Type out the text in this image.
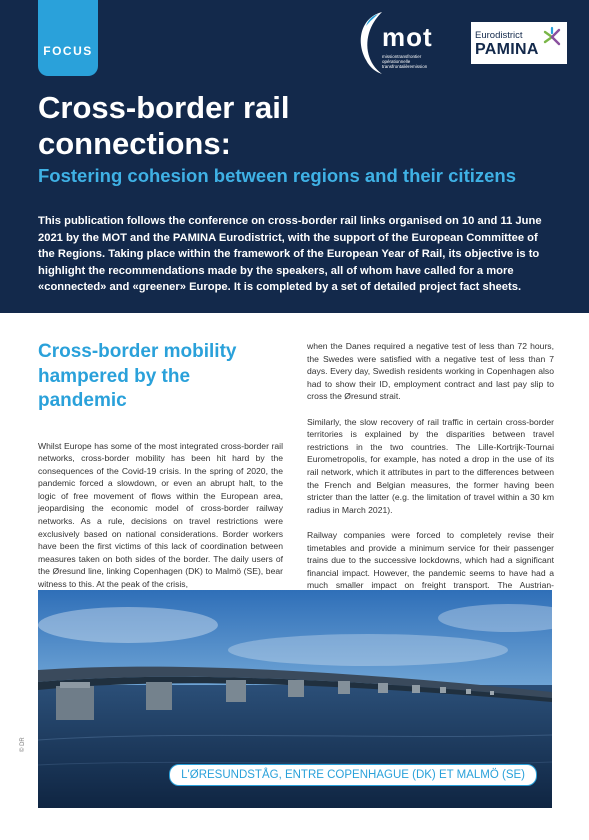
FOCUS	mot
missiontransfrontier
opérationnelle
transfrontalièremission
Eurodistrict
PAMINA
Cross-border rail connections:
Fostering cohesion between regions and their citizens

This publication follows the conference on cross-border rail links organised on 10 and 11 June 2021 by the MOT and the PAMINA Eurodistrict, with the support of the European Committee of the Regions. Taking place within the framework of the European Year of Rail, its objective is to highlight the recommendations made by the speakers, all of whom have called for a more «connected» and «greener» Europe. It is completed by a set of detailed project fact sheets.

Cross-border mobility hampered by the pandemic

Whilst Europe has some of the most integrated cross-border rail networks, cross-border mobility has been hit hard by the consequences of the Covid-19 crisis. In the spring of 2020, the pandemic forced a slowdown, or even an abrupt halt, to the logic of free movement of flows within the European area, jeopardising the economic model of cross-border railway networks. As a rule, decisions on travel restrictions were exclusively based on national considerations. Border workers have been the first victims of this lack of coordination between measures taken on both sides of the border. The daily users of the Øresund line, linking Copenhagen (DK) to Malmö (SE), bear witness to this. At the peak of the crisis,

when the Danes required a negative test of less than 72 hours, the Swedes were satisfied with a negative test of less than 7 days. Every day, Swedish residents working in Copenhagen also had to show their ID, employment contract and last pay slip to cross the Øresund strait.

Similarly, the slow recovery of rail traffic in certain cross-border territories is explained by the disparities between travel restrictions in the two countries. The Lille-Kortrijk-Tournai Eurometropolis, for example, has noted a drop in the use of its rail network, which it attributes in part to the differences between the French and Belgian measures, the former having been stricter than the latter (e.g. the limitation of travel within a 30 km radius in March 2021).

Railway companies were forced to completely revise their timetables and provide a minimum service for their passenger trains due to the successive lockdowns, which had a significant financial impact. However, the pandemic seems to have had a much smaller impact on freight transport. The Austrian-

© DR
L'ØRESUNDSTÅG, ENTRE COPENHAGUE (DK) ET MALMÖ (SE)
